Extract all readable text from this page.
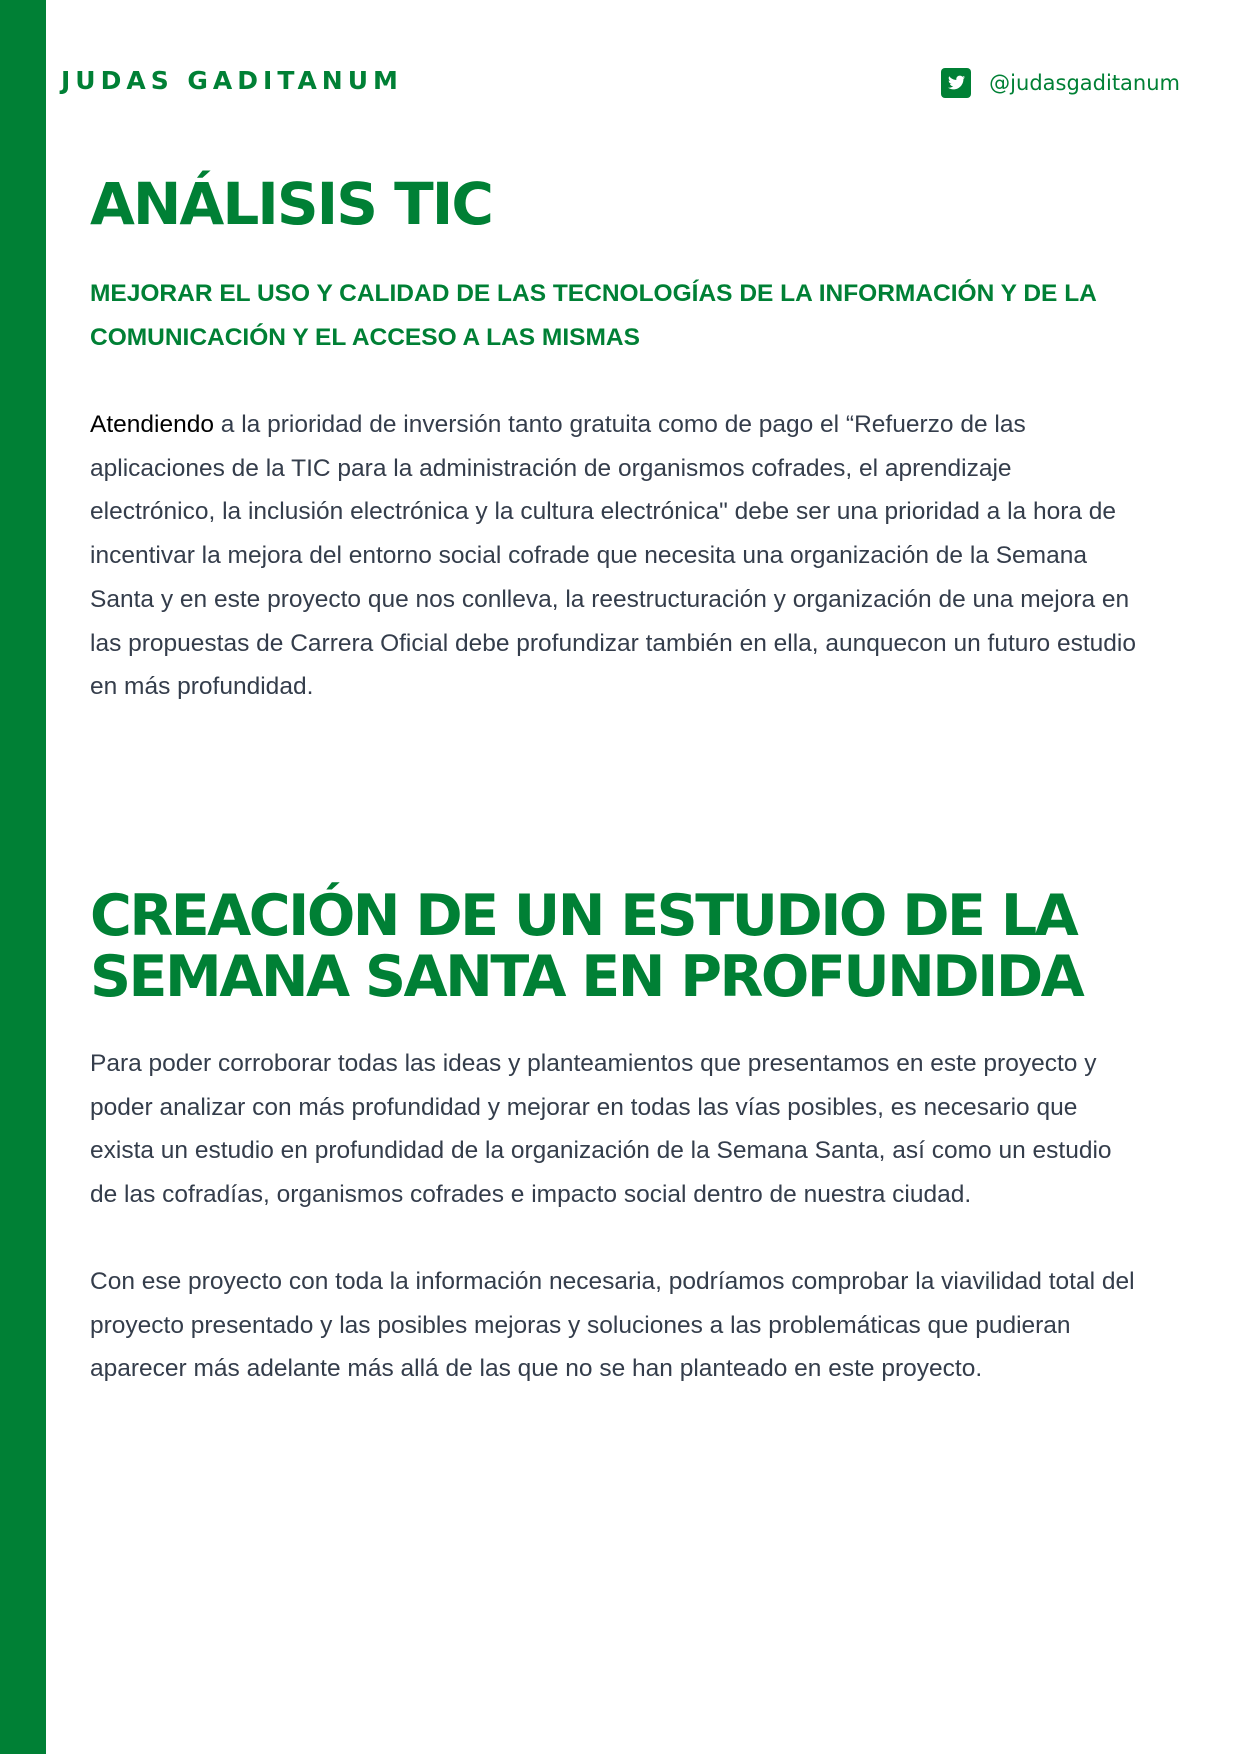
JUDAS GADITANUM	@judasgaditanum
ANÁLISIS TIC

MEJORAR EL USO Y CALIDAD DE LAS TECNOLOGÍAS DE LA INFORMACIÓN Y DE LA
COMUNICACIÓN Y EL ACCESO A LAS MISMAS

Atendiendo a la prioridad de inversión tanto gratuita como de pago el “Refuerzo de las
aplicaciones de la TIC para la administración de organismos cofrades, el aprendizaje
electrónico, la inclusión electrónica y la cultura electrónica" debe ser una prioridad a la hora de
incentivar la mejora del entorno social cofrade que necesita una organización de la Semana
Santa y en este proyecto que nos conlleva, la reestructuración y organización de una mejora en
las propuestas de Carrera Oficial debe profundizar también en ella, aunquecon un futuro estudio
en más profundidad.

CREACIÓN DE UN ESTUDIO DE LA
SEMANA SANTA EN PROFUNDIDA

Para poder corroborar todas las ideas y planteamientos que presentamos en este proyecto y
poder analizar con más profundidad y mejorar en todas las vías posibles, es necesario que
exista un estudio en profundidad de la organización de la Semana Santa, así como un estudio
de las cofradías, organismos cofrades e impacto social dentro de nuestra ciudad.

Con ese proyecto con toda la información necesaria, podríamos comprobar la viavilidad total del
proyecto presentado y las posibles mejoras y soluciones a las problemáticas que pudieran
aparecer más adelante más allá de las que no se han planteado en este proyecto.
